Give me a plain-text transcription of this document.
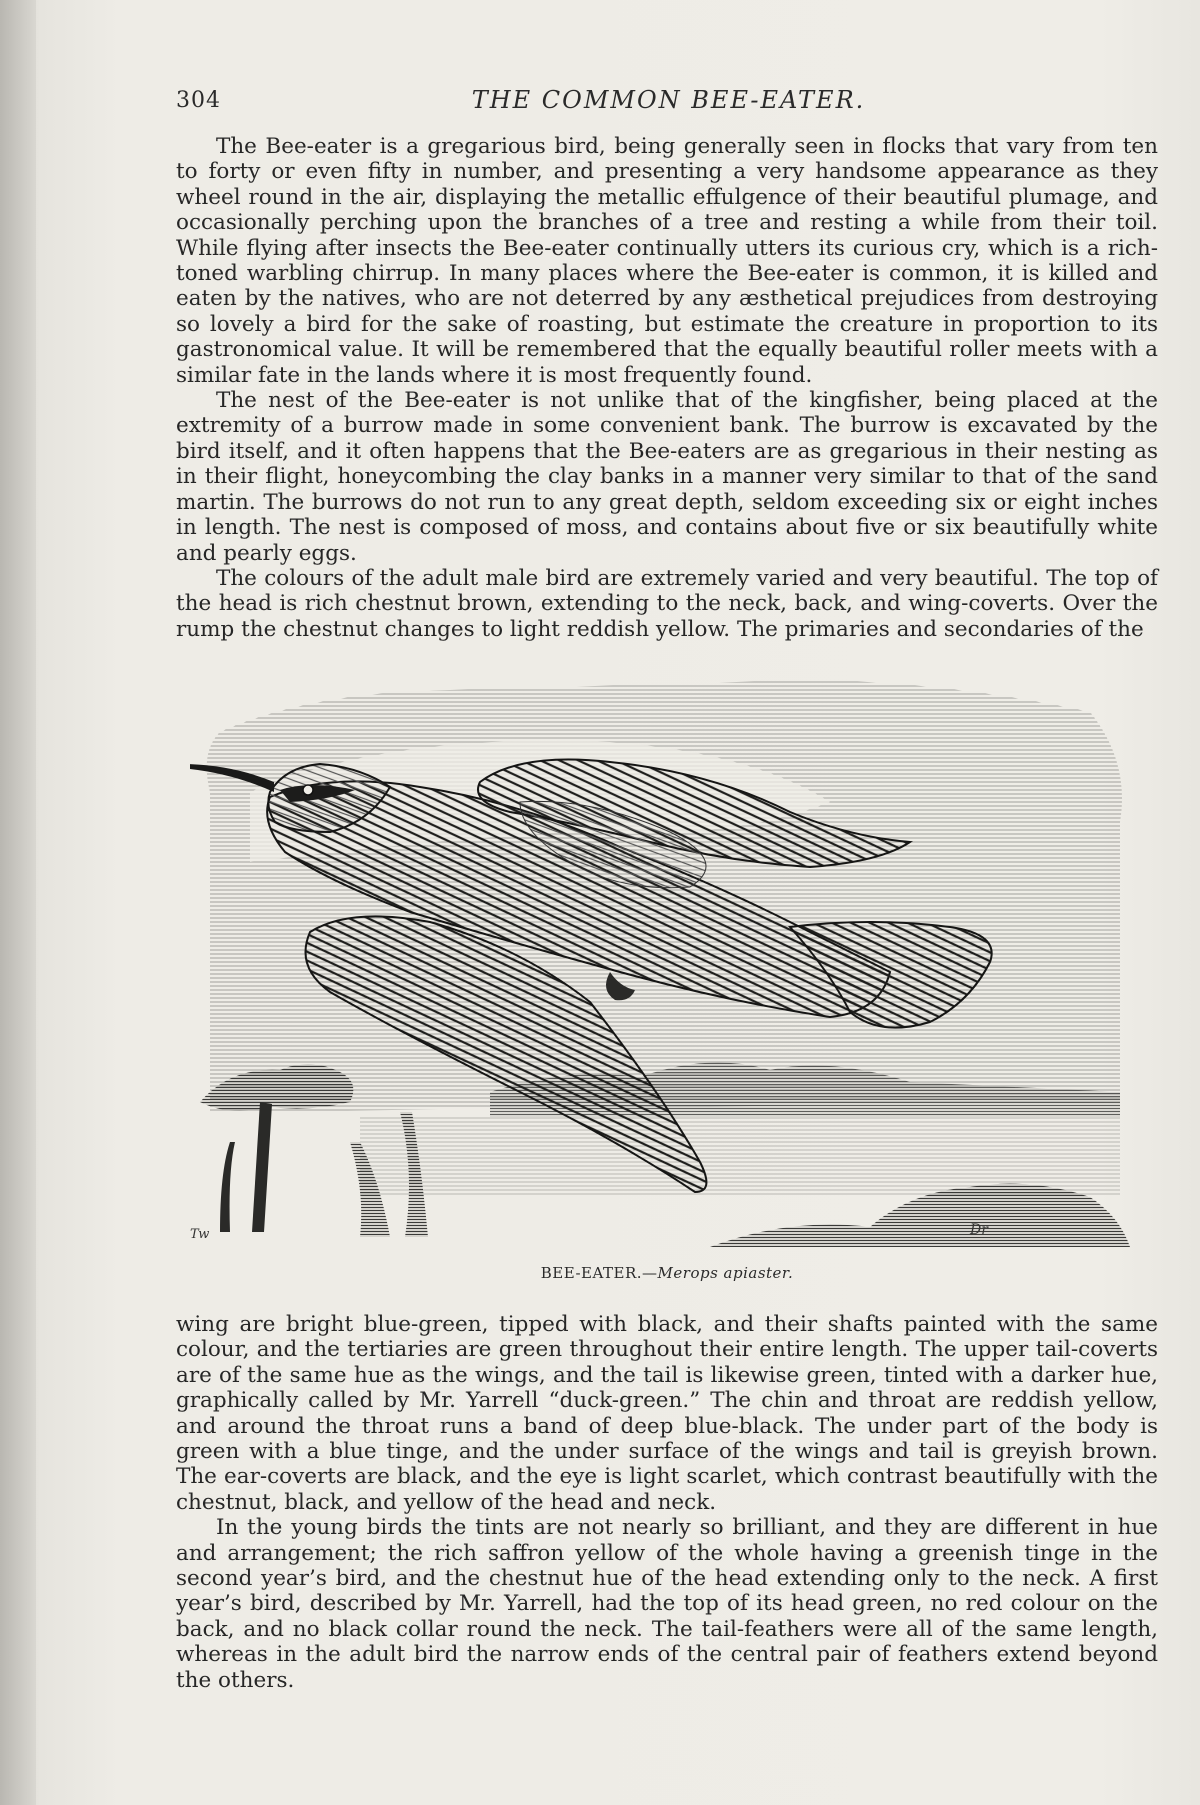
304	THE COMMON BEE-EATER.

The Bee-eater is a gregarious bird, being generally seen in flocks that vary from ten to forty or even fifty in number, and presenting a very handsome appearance as they wheel round in the air, displaying the metallic effulgence of their beautiful plumage, and occasionally perching upon the branches of a tree and resting a while from their toil. While flying after insects the Bee-eater continually utters its curious cry, which is a rich-toned warbling chirrup. In many places where the Bee-eater is common, it is killed and eaten by the natives, who are not deterred by any æsthetical prejudices from destroying so lovely a bird for the sake of roasting, but estimate the creature in proportion to its gastronomical value. It will be remembered that the equally beautiful roller meets with a similar fate in the lands where it is most frequently found.

The nest of the Bee-eater is not unlike that of the kingfisher, being placed at the extremity of a burrow made in some convenient bank. The burrow is excavated by the bird itself, and it often happens that the Bee-eaters are as gregarious in their nesting as in their flight, honeycombing the clay banks in a manner very similar to that of the sand martin. The burrows do not run to any great depth, seldom exceeding six or eight inches in length. The nest is composed of moss, and contains about five or six beautifully white and pearly eggs.

The colours of the adult male bird are extremely varied and very beautiful. The top of the head is rich chestnut brown, extending to the neck, back, and wing-coverts. Over the rump the chestnut changes to light reddish yellow. The primaries and secondaries of the

Tw	Dr
BEE-EATER.—Merops apiaster.

wing are bright blue-green, tipped with black, and their shafts painted with the same colour, and the tertiaries are green throughout their entire length. The upper tail-coverts are of the same hue as the wings, and the tail is likewise green, tinted with a darker hue, graphically called by Mr. Yarrell “duck-green.” The chin and throat are reddish yellow, and around the throat runs a band of deep blue-black. The under part of the body is green with a blue tinge, and the under surface of the wings and tail is greyish brown. The ear-coverts are black, and the eye is light scarlet, which contrast beautifully with the chestnut, black, and yellow of the head and neck.

In the young birds the tints are not nearly so brilliant, and they are different in hue and arrangement; the rich saffron yellow of the whole having a greenish tinge in the second year’s bird, and the chestnut hue of the head extending only to the neck. A first year’s bird, described by Mr. Yarrell, had the top of its head green, no red colour on the back, and no black collar round the neck. The tail-feathers were all of the same length, whereas in the adult bird the narrow ends of the central pair of feathers extend beyond the others.
